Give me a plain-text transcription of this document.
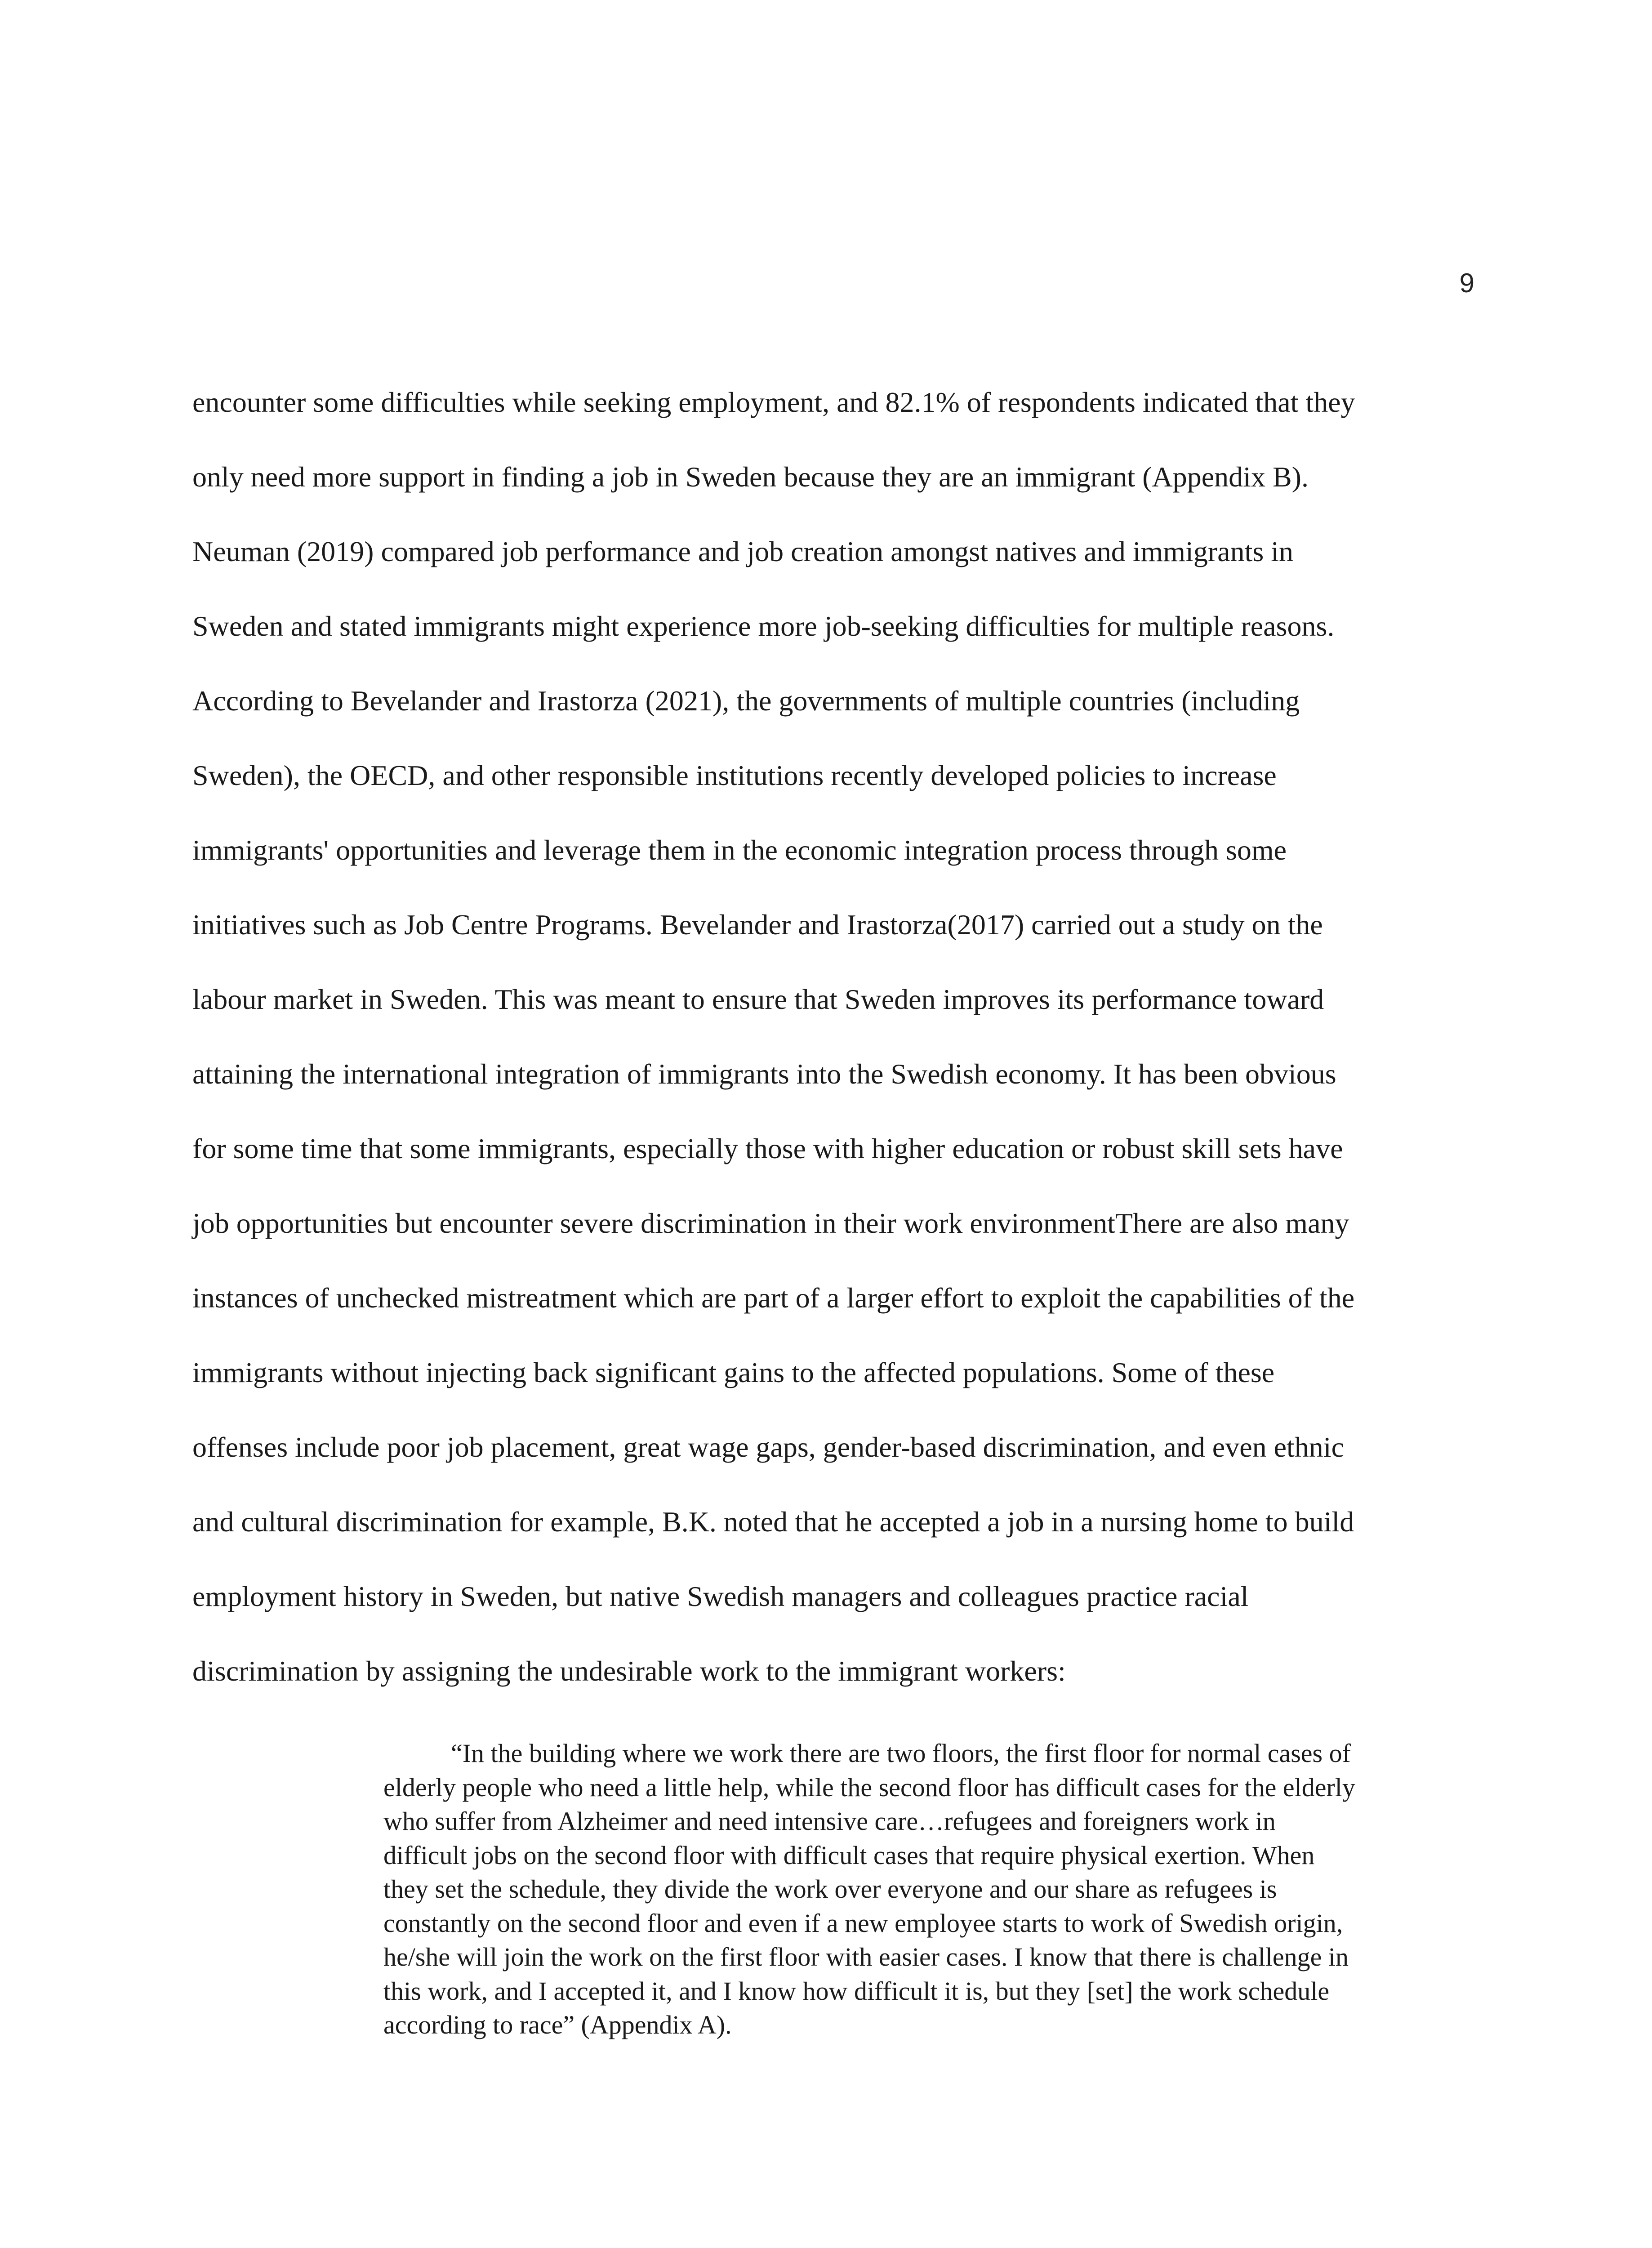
9

encounter some difficulties while seeking employment, and 82.1% of respondents indicated that they
only need more support in finding a job in Sweden because they are an immigrant (Appendix B).
Neuman (2019) compared job performance and job creation amongst natives and immigrants in
Sweden and stated immigrants might experience more job-seeking difficulties for multiple reasons.
According to Bevelander and Irastorza (2021), the governments of multiple countries (including
Sweden), the OECD, and other responsible institutions recently developed policies to increase
immigrants' opportunities and leverage them in the economic integration process through some
initiatives such as Job Centre Programs. Bevelander and Irastorza(2017) carried out a study on the
labour market in Sweden. This was meant to ensure that Sweden improves its performance toward
attaining the international integration of immigrants into the Swedish economy. It has been obvious
for some time that some immigrants, especially those with higher education or robust skill sets have
job opportunities but encounter severe discrimination in their work environmentThere are also many
instances of unchecked mistreatment which are part of a larger effort to exploit the capabilities of the
immigrants without injecting back significant gains to the affected populations. Some of these
offenses include poor job placement, great wage gaps, gender-based discrimination, and even ethnic
and cultural discrimination for example, B.K. noted that he accepted a job in a nursing home to build
employment history in Sweden, but native Swedish managers and colleagues practice racial
discrimination by assigning the undesirable work to the immigrant workers:

“In the building where we work there are two floors, the first floor for normal cases of
elderly people who need a little help, while the second floor has difficult cases for the elderly
who suffer from Alzheimer and need intensive care…refugees and foreigners work in
difficult jobs on the second floor with difficult cases that require physical exertion. When
they set the schedule, they divide the work over everyone and our share as refugees is
constantly on the second floor and even if a new employee starts to work of Swedish origin,
he/she will join the work on the first floor with easier cases. I know that there is challenge in
this work, and I accepted it, and I know how difficult it is, but they [set] the work schedule
according to race” (Appendix A).
